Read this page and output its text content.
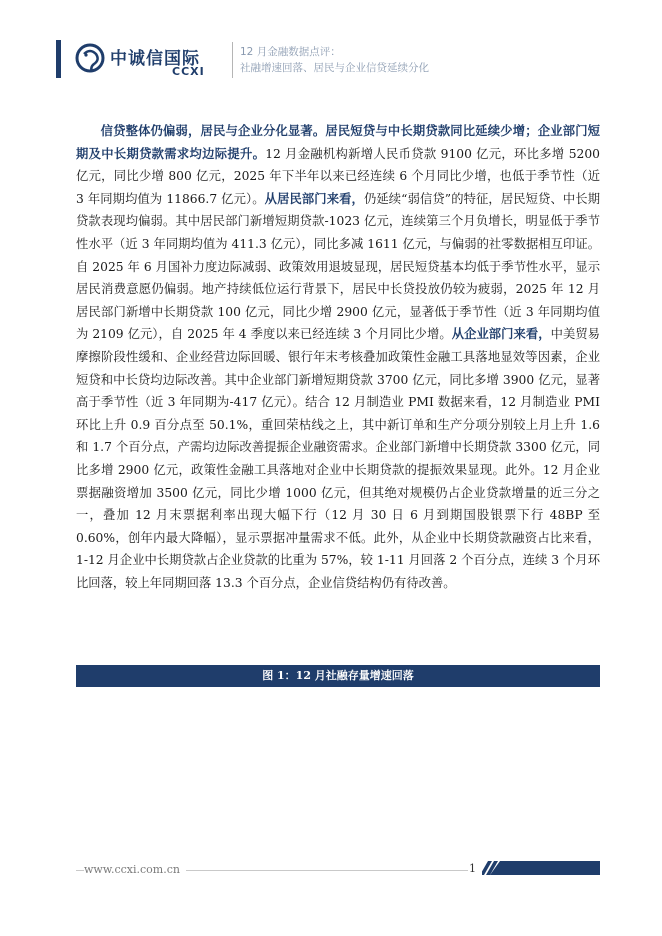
中诚信国际
CCXI
12 月金融数据点评：
社融增速回落、居民与企业信贷延续分化
信贷整体仍偏弱，居民与企业分化显著。居民短贷与中长期贷款同比延续少增；企业部门短期及中长期贷款需求均边际提升。12 月金融机构新增人民币贷款 9100 亿元，环比多增 5200 亿元，同比少增 800 亿元，2025 年下半年以来已经连续 6 个月同比少增，也低于季节性（近 3 年同期均值为 11866.7 亿元）。从居民部门来看，仍延续“弱信贷”的特征，居民短贷、中长期贷款表现均偏弱。其中居民部门新增短期贷款-1023 亿元，连续第三个月负增长，明显低于季节性水平（近 3 年同期均值为 411.3 亿元），同比多减 1611 亿元，与偏弱的社零数据相互印证。自 2025 年 6 月国补力度边际减弱、政策效用退坡显现，居民短贷基本均低于季节性水平，显示居民消费意愿仍偏弱。地产持续低位运行背景下，居民中长贷投放仍较为疲弱，2025 年 12 月居民部门新增中长期贷款 100 亿元，同比少增 2900 亿元，显著低于季节性（近 3 年同期均值为 2109 亿元），自 2025 年 4 季度以来已经连续 3 个月同比少增。从企业部门来看，中美贸易摩擦阶段性缓和、企业经营边际回暖、银行年末考核叠加政策性金融工具落地显效等因素，企业短贷和中长贷均边际改善。其中企业部门新增短期贷款 3700 亿元，同比多增 3900 亿元，显著高于季节性（近 3 年同期为-417 亿元）。结合 12 月制造业 PMI 数据来看，12 月制造业 PMI 环比上升 0.9 百分点至 50.1%，重回荣枯线之上，其中新订单和生产分项分别较上月上升 1.6 和 1.7 个百分点，产需均边际改善提振企业融资需求。企业部门新增中长期贷款 3300 亿元，同比多增 2900 亿元，政策性金融工具落地对企业中长期贷款的提振效果显现。此外。12 月企业票据融资增加 3500 亿元，同比少增 1000 亿元，但其绝对规模仍占企业贷款增量的近三分之一，叠加 12 月末票据利率出现大幅下行（12 月 30 日 6 月到期国股银票下行 48BP 至 0.60%，创年内最大降幅），显示票据冲量需求不低。此外，从企业中长期贷款融资占比来看，1-12 月企业中长期贷款占企业贷款的比重为 57%，较 1-11 月回落 2 个百分点，连续 3 个月环比回落，较上年同期回落 13.3 个百分点，企业信贷结构仍有待改善。
图 1：12 月社融存量增速回落
www.ccxi.com.cn	1
